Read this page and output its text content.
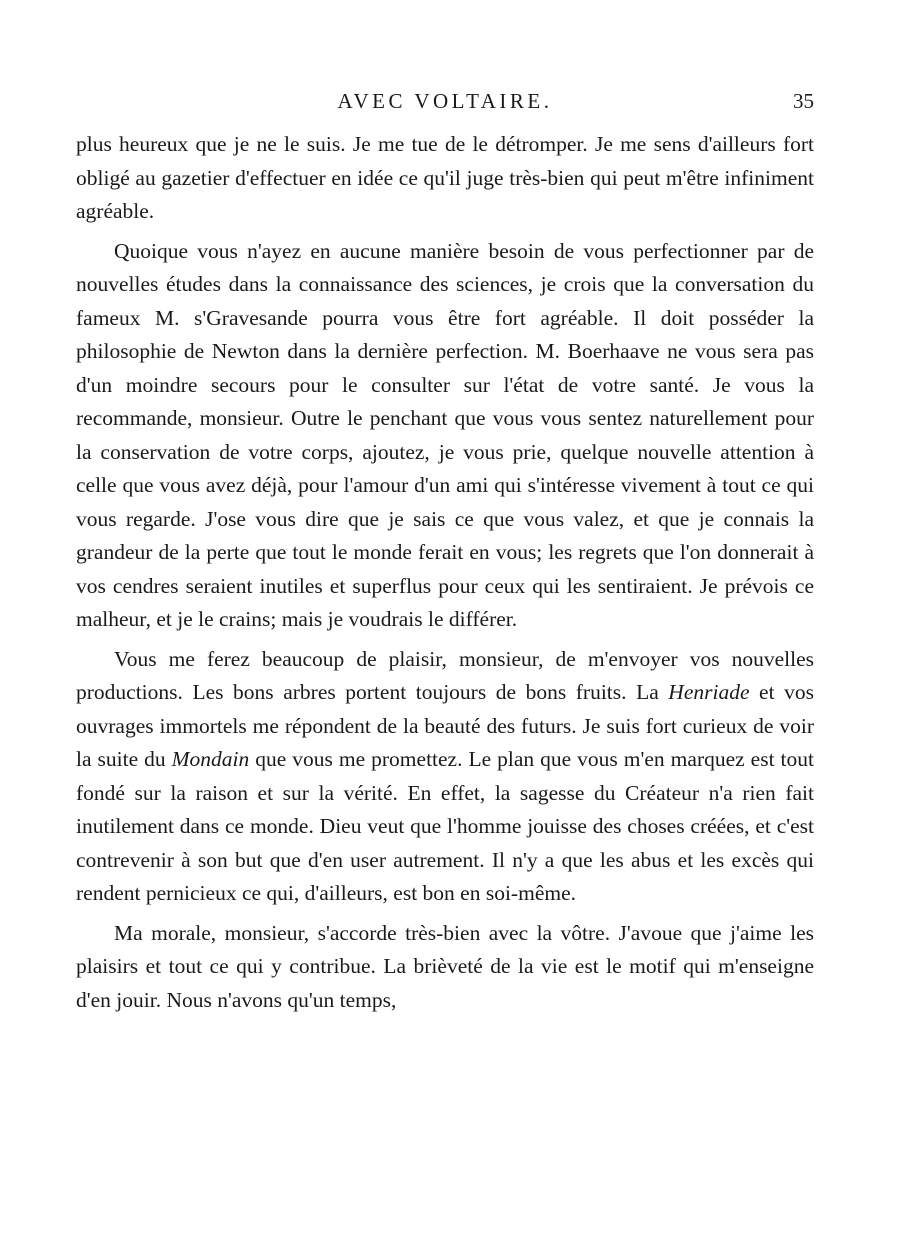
AVEC VOLTAIRE.	35

plus heureux que je ne le suis. Je me tue de le détromper. Je me sens d'ailleurs fort obligé au gazetier d'effectuer en idée ce qu'il juge très-bien qui peut m'être infiniment agréable.

Quoique vous n'ayez en aucune manière besoin de vous perfectionner par de nouvelles études dans la connaissance des sciences, je crois que la conversation du fameux M. s'Gravesande pourra vous être fort agréable. Il doit posséder la philosophie de Newton dans la dernière perfection. M. Boerhaave ne vous sera pas d'un moindre secours pour le consulter sur l'état de votre santé. Je vous la recommande, monsieur. Outre le penchant que vous vous sentez naturellement pour la conservation de votre corps, ajoutez, je vous prie, quelque nouvelle attention à celle que vous avez déjà, pour l'amour d'un ami qui s'intéresse vivement à tout ce qui vous regarde. J'ose vous dire que je sais ce que vous valez, et que je connais la grandeur de la perte que tout le monde ferait en vous; les regrets que l'on donnerait à vos cendres seraient inutiles et superflus pour ceux qui les sentiraient. Je prévois ce malheur, et je le crains; mais je voudrais le différer.

Vous me ferez beaucoup de plaisir, monsieur, de m'envoyer vos nouvelles productions. Les bons arbres portent toujours de bons fruits. La Henriade et vos ouvrages immortels me répondent de la beauté des futurs. Je suis fort curieux de voir la suite du Mondain que vous me promettez. Le plan que vous m'en marquez est tout fondé sur la raison et sur la vérité. En effet, la sagesse du Créateur n'a rien fait inutilement dans ce monde. Dieu veut que l'homme jouisse des choses créées, et c'est contrevenir à son but que d'en user autrement. Il n'y a que les abus et les excès qui rendent pernicieux ce qui, d'ailleurs, est bon en soi-même.

Ma morale, monsieur, s'accorde très-bien avec la vôtre. J'avoue que j'aime les plaisirs et tout ce qui y contribue. La brièveté de la vie est le motif qui m'enseigne d'en jouir. Nous n'avons qu'un temps,
